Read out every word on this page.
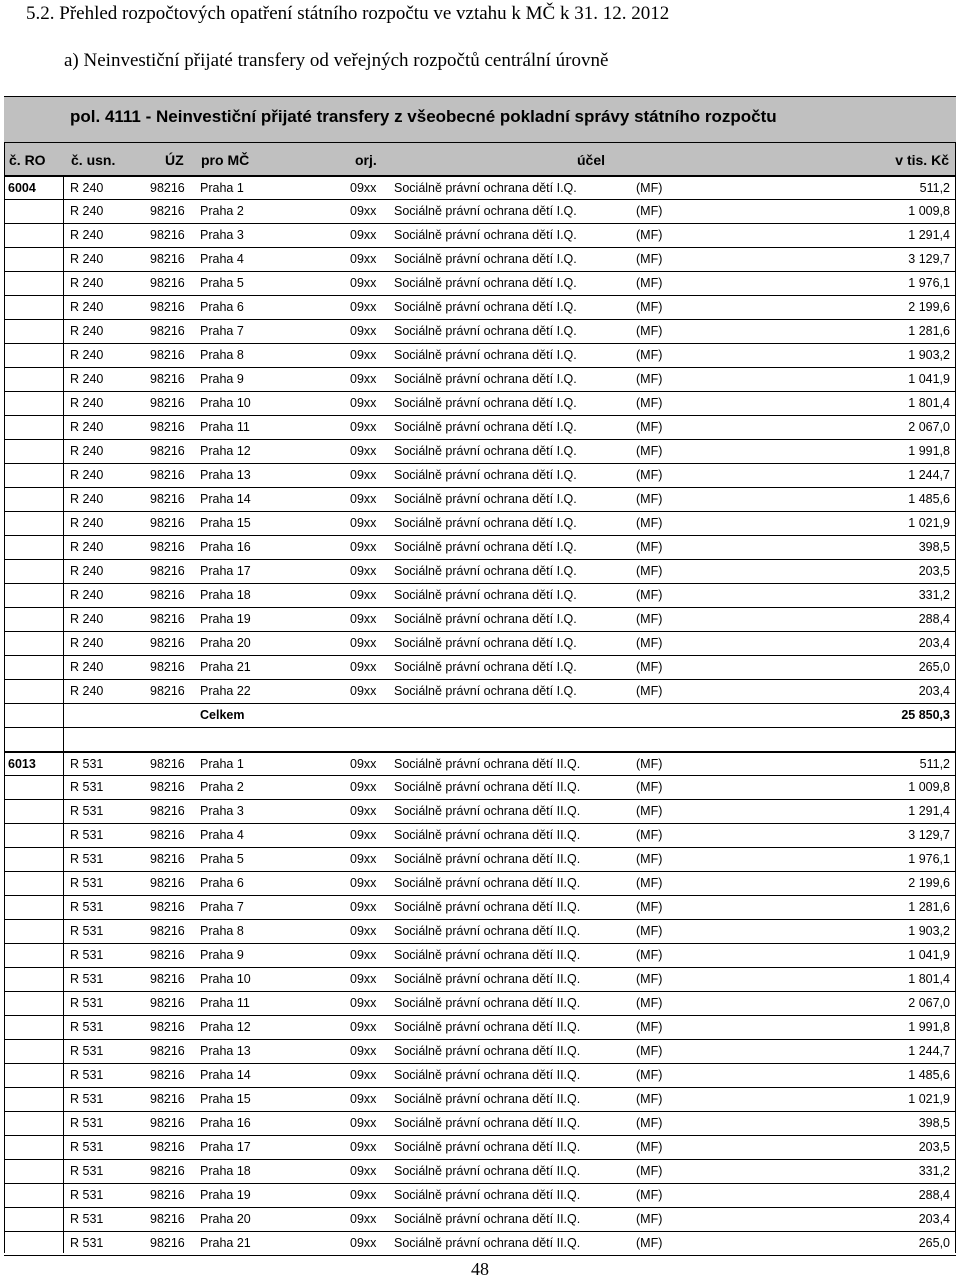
5.2. Přehled rozpočtových opatření státního rozpočtu ve vztahu k MČ k 31. 12. 2012
a) Neinvestiční přijaté transfery od veřejných rozpočtů centrální úrovně
pol. 4111 - Neinvestiční přijaté transfery z všeobecné pokladní správy státního rozpočtu
č. RO č. usn.	ÚZ pro MČ	orj.	účel	v tis. Kč
6004	R 240	98216 Praha 1	09xx Sociálně právní ochrana dětí I.Q.	(MF)	511,2
R 240	98216 Praha 2	09xx Sociálně právní ochrana dětí I.Q.	(MF)	1 009,8
R 240	98216 Praha 3	09xx Sociálně právní ochrana dětí I.Q.	(MF)	1 291,4
R 240	98216 Praha 4	09xx Sociálně právní ochrana dětí I.Q.	(MF)	3 129,7
R 240	98216 Praha 5	09xx Sociálně právní ochrana dětí I.Q.	(MF)	1 976,1
R 240	98216 Praha 6	09xx Sociálně právní ochrana dětí I.Q.	(MF)	2 199,6
R 240	98216 Praha 7	09xx Sociálně právní ochrana dětí I.Q.	(MF)	1 281,6
R 240	98216 Praha 8	09xx Sociálně právní ochrana dětí I.Q.	(MF)	1 903,2
R 240	98216 Praha 9	09xx Sociálně právní ochrana dětí I.Q.	(MF)	1 041,9
R 240	98216 Praha 10	09xx Sociálně právní ochrana dětí I.Q.	(MF)	1 801,4
R 240	98216 Praha 11	09xx Sociálně právní ochrana dětí I.Q.	(MF)	2 067,0
R 240	98216 Praha 12	09xx Sociálně právní ochrana dětí I.Q.	(MF)	1 991,8
R 240	98216 Praha 13	09xx Sociálně právní ochrana dětí I.Q.	(MF)	1 244,7
R 240	98216 Praha 14	09xx Sociálně právní ochrana dětí I.Q.	(MF)	1 485,6
R 240	98216 Praha 15	09xx Sociálně právní ochrana dětí I.Q.	(MF)	1 021,9
R 240	98216 Praha 16	09xx Sociálně právní ochrana dětí I.Q.	(MF)	398,5
R 240	98216 Praha 17	09xx Sociálně právní ochrana dětí I.Q.	(MF)	203,5
R 240	98216 Praha 18	09xx Sociálně právní ochrana dětí I.Q.	(MF)	331,2
R 240	98216 Praha 19	09xx Sociálně právní ochrana dětí I.Q.	(MF)	288,4
R 240	98216 Praha 20	09xx Sociálně právní ochrana dětí I.Q.	(MF)	203,4
R 240	98216 Praha 21	09xx Sociálně právní ochrana dětí I.Q.	(MF)	265,0
R 240	98216 Praha 22	09xx Sociálně právní ochrana dětí I.Q.	(MF)	203,4
Celkem	25 850,3
6013	R 531	98216 Praha 1	09xx Sociálně právní ochrana dětí II.Q.	(MF)	511,2
R 531	98216 Praha 2	09xx Sociálně právní ochrana dětí II.Q.	(MF)	1 009,8
R 531	98216 Praha 3	09xx Sociálně právní ochrana dětí II.Q.	(MF)	1 291,4
R 531	98216 Praha 4	09xx Sociálně právní ochrana dětí II.Q.	(MF)	3 129,7
R 531	98216 Praha 5	09xx Sociálně právní ochrana dětí II.Q.	(MF)	1 976,1
R 531	98216 Praha 6	09xx Sociálně právní ochrana dětí II.Q.	(MF)	2 199,6
R 531	98216 Praha 7	09xx Sociálně právní ochrana dětí II.Q.	(MF)	1 281,6
R 531	98216 Praha 8	09xx Sociálně právní ochrana dětí II.Q.	(MF)	1 903,2
R 531	98216 Praha 9	09xx Sociálně právní ochrana dětí II.Q.	(MF)	1 041,9
R 531	98216 Praha 10	09xx Sociálně právní ochrana dětí II.Q.	(MF)	1 801,4
R 531	98216 Praha 11	09xx Sociálně právní ochrana dětí II.Q.	(MF)	2 067,0
R 531	98216 Praha 12	09xx Sociálně právní ochrana dětí II.Q.	(MF)	1 991,8
R 531	98216 Praha 13	09xx Sociálně právní ochrana dětí II.Q.	(MF)	1 244,7
R 531	98216 Praha 14	09xx Sociálně právní ochrana dětí II.Q.	(MF)	1 485,6
R 531	98216 Praha 15	09xx Sociálně právní ochrana dětí II.Q.	(MF)	1 021,9
R 531	98216 Praha 16	09xx Sociálně právní ochrana dětí II.Q.	(MF)	398,5
R 531	98216 Praha 17	09xx Sociálně právní ochrana dětí II.Q.	(MF)	203,5
R 531	98216 Praha 18	09xx Sociálně právní ochrana dětí II.Q.	(MF)	331,2
R 531	98216 Praha 19	09xx Sociálně právní ochrana dětí II.Q.	(MF)	288,4
R 531	98216 Praha 20	09xx Sociálně právní ochrana dětí II.Q.	(MF)	203,4
R 531	98216 Praha 21	09xx Sociálně právní ochrana dětí II.Q.	(MF)	265,0
48
